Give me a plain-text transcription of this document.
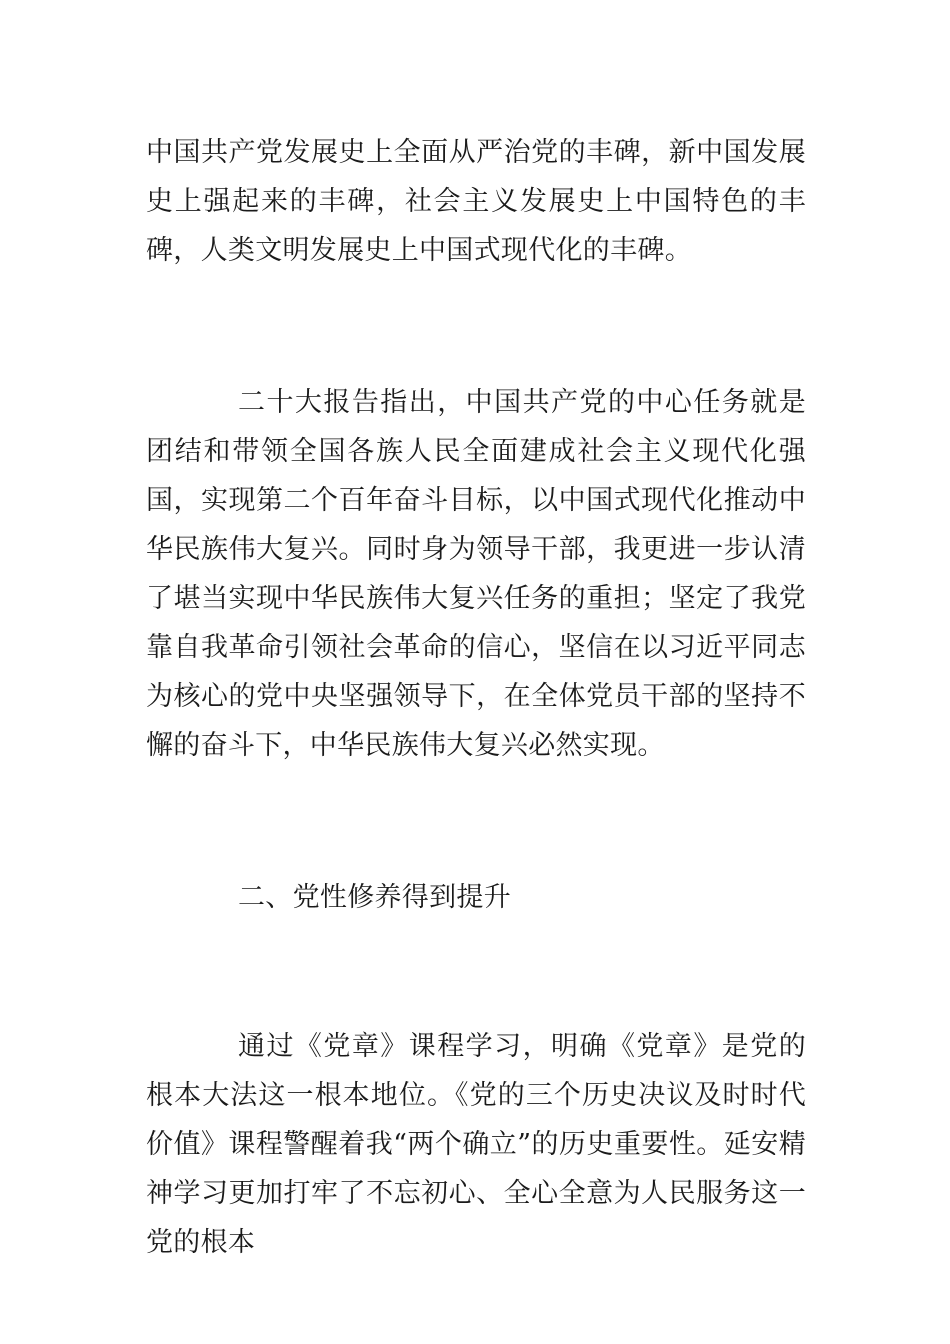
中国共产党发展史上全面从严治党的丰碑，新中国发展史上强起来的丰碑，社会主义发展史上中国特色的丰碑，人类文明发展史上中国式现代化的丰碑。

二十大报告指出，中国共产党的中心任务就是团结和带领全国各族人民全面建成社会主义现代化强国，实现第二个百年奋斗目标，以中国式现代化推动中华民族伟大复兴。同时身为领导干部，我更进一步认清了堪当实现中华民族伟大复兴任务的重担；坚定了我党靠自我革命引领社会革命的信心，坚信在以习近平同志为核心的党中央坚强领导下，在全体党员干部的坚持不懈的奋斗下，中华民族伟大复兴必然实现。

二、党性修养得到提升

通过《党章》课程学习，明确《党章》是党的根本大法这一根本地位。《党的三个历史决议及时时代价值》课程警醒着我“两个确立”的历史重要性。延安精神学习更加打牢了不忘初心、全心全意为人民服务这一党的根本
